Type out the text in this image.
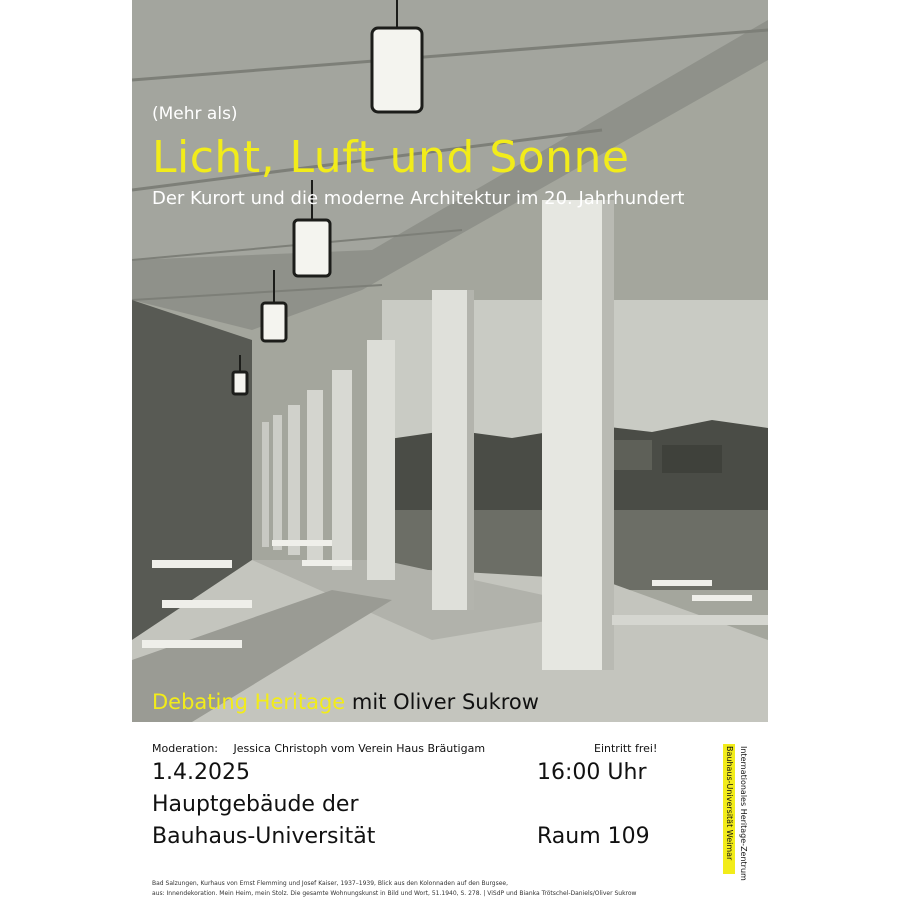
(Mehr als)
Licht, Luft und Sonne
Der Kurort und die moderne Architektur im 20. Jahrhundert
Debating Heritage mit Oliver Sukrow
Moderation: Jessica Christoph vom Verein Haus Bräutigam	Eintritt frei!
1.4.2025	16:00 Uhr
Hauptgebäude der
Bauhaus-Universität	Raum 109
Bad Salzungen, Kurhaus von Ernst Flemming und Josef Kaiser, 1937–1939, Blick aus den Kolonnaden auf den Burgsee,
aus: Innendekoration. Mein Heim, mein Stolz. Die gesamte Wohnungskunst in Bild und Wort, 51.1940, S. 278. | ViSdP und Bianka Trötschel-Daniels/Oliver Sukrow
Bauhaus-Universität Weimar Internationales Heritage-Zentrum
